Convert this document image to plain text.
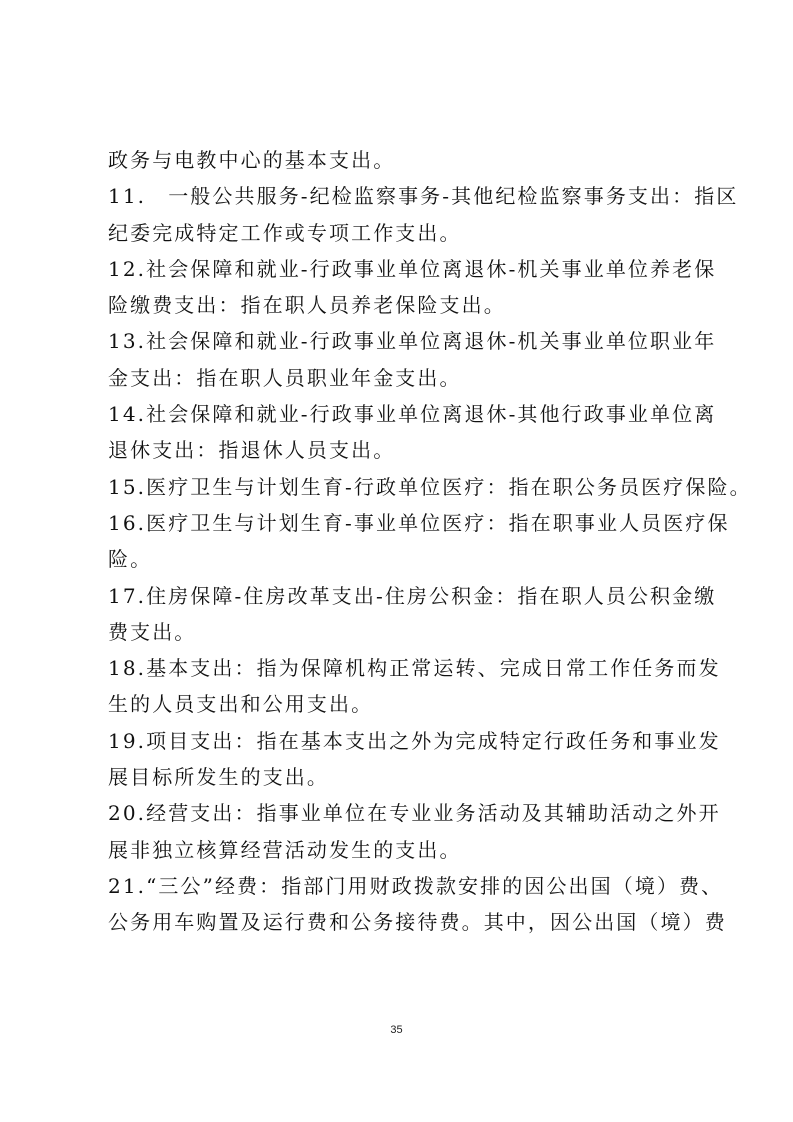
政务与电教中心的基本支出。
11.　一般公共服务-纪检监察事务-其他纪检监察事务支出：指区
纪委完成特定工作或专项工作支出。
12.社会保障和就业-行政事业单位离退休-机关事业单位养老保
险缴费支出：指在职人员养老保险支出。
13.社会保障和就业-行政事业单位离退休-机关事业单位职业年
金支出：指在职人员职业年金支出。
14.社会保障和就业-行政事业单位离退休-其他行政事业单位离
退休支出：指退休人员支出。
15.医疗卫生与计划生育-行政单位医疗：指在职公务员医疗保险。
16.医疗卫生与计划生育-事业单位医疗：指在职事业人员医疗保
险。
17.住房保障-住房改革支出-住房公积金：指在职人员公积金缴
费支出。
18.基本支出：指为保障机构正常运转、完成日常工作任务而发
生的人员支出和公用支出。
19.项目支出：指在基本支出之外为完成特定行政任务和事业发
展目标所发生的支出。
20.经营支出：指事业单位在专业业务活动及其辅助活动之外开
展非独立核算经营活动发生的支出。
21.“三公”经费：指部门用财政拨款安排的因公出国（境）费、
公务用车购置及运行费和公务接待费。其中，因公出国（境）费
35
